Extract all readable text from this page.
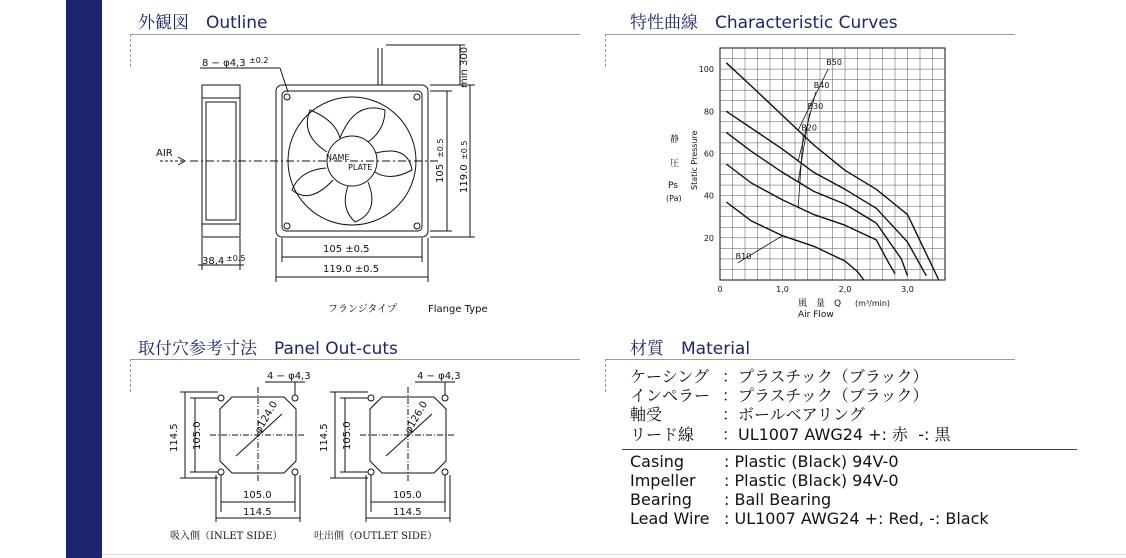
外観図　Outline	特性曲線　Characteristic Curves
取付穴参考寸法　Panel Out-cuts	材質　Material
8 − φ4,3 ±0.2	min 300
AIR
38,4 ±0.5
105 ±0.5
119.0 ±0.5
105
±0.5
119.0
±0.5
NAME
PLATE
フランジタイプ	Flange Type
20
40
60
80
100
0	1,0	2,0	3,0
B50
B40
B30
B20
B10
静
圧
Ps
(Pa)
Static Pressure
風　量　Q (m³/min)
Air Flow
4 − φ4,3	4 − φ4,3
φ124.0	φ126.0
114.5 105.0	114.5 105.0
105.0
114.5
105.0
114.5
吸入側（INLET SIDE）	吐出側（OUTLET SIDE）
ケーシング ：プラスチック（ブラック）
インペラー ：プラスチック（ブラック）
軸受	：ボールベアリング
リード線 ：UL1007 AWG24 +: 赤  -: 黒
Casing : Plastic (Black) 94V-0
Impeller : Plastic (Black) 94V-0
Bearing : Ball Bearing
Lead Wire : UL1007 AWG24 +: Red, -: Black
